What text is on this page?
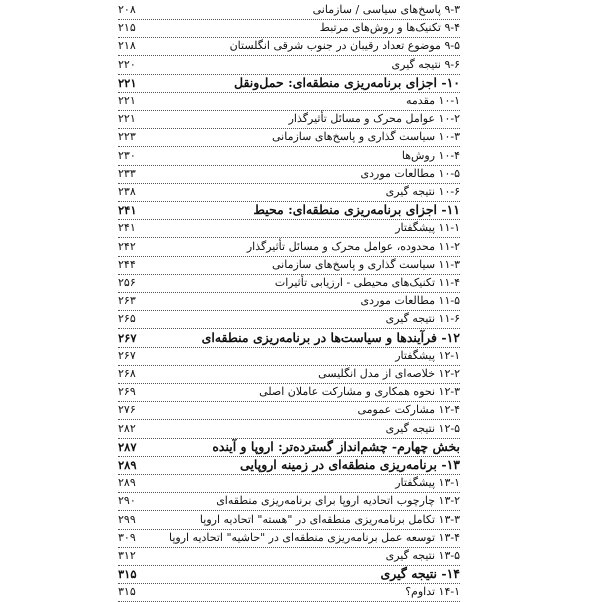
۹-۳ پاسخ‌های سیاسی / سازمانی
۲۰۸
۹-۴ تکنیک‌ها و روش‌های مرتبط
۲۱۵
۹-۵ موضوع تعداد رقیبان در جنوب شرقی انگلستان
۲۱۸
۹-۶ نتیجه گیری
۲۲۰
۱۰- اجزای برنامه‌ریزی منطقه‌ای: حمل‌ونقل
۲۲۱
۱۰-۱ مقدمه
۲۲۱
۱۰-۲ عوامل محرک و مسائل تأثیرگذار
۲۲۱
۱۰-۳ سیاست گذاری و پاسخ‌های سازمانی
۲۲۳
۱۰-۴ روش‌ها
۲۳۰
۱۰-۵ مطالعات موردی
۲۳۳
۱۰-۶ نتیجه گیری
۲۳۸
۱۱- اجزای برنامه‌ریزی منطقه‌ای: محیط
۲۴۱
۱۱-۱ پیشگفتار
۲۴۱
۱۱-۲ محدوده، عوامل محرک و مسائل تأثیرگذار
۲۴۲
۱۱-۳ سیاست گذاری و پاسخ‌های سازمانی
۲۴۴
۱۱-۴ تکنیک‌های محیطی - ارزیابی تأثیرات
۲۵۶
۱۱-۵ مطالعات موردی
۲۶۳
۱۱-۶ نتیجه گیری
۲۶۵
۱۲- فرآیندها و سیاست‌ها در برنامه‌ریزی منطقه‌ای
۲۶۷
۱۲-۱ پیشگفتار
۲۶۷
۱۲-۲ خلاصه‌ای از مدل انگلیسی
۲۶۸
۱۲-۳ نحوه همکاری و مشارکت عاملان اصلی
۲۶۹
۱۲-۴ مشارکت عمومی
۲۷۶
۱۲-۵ نتیجه گیری
۲۸۲
بخش چهارم- چشم‌انداز گسترده‌تر: اروپا و آینده
۲۸۷
۱۳- برنامه‌ریزی منطقه‌ای در زمینه اروپایی
۲۸۹
۱۳-۱ پیشگفتار
۲۸۹
۱۳-۲ چارچوب اتحادیه اروپا برای برنامه‌ریزی منطقه‌ای
۲۹۰
۱۳-۳ تکامل برنامه‌ریزی منطقه‌ای در "هسته" اتحادیه اروپا
۲۹۹
۱۳-۴ توسعه عمل برنامه‌ریزی منطقه‌ای در "حاشیه" اتحادیه اروپا
۳۰۹
۱۳-۵ نتیجه گیری
۳۱۲
۱۴- نتیجه گیری
۳۱۵
۱۴-۱ تداوم؟
۳۱۵
